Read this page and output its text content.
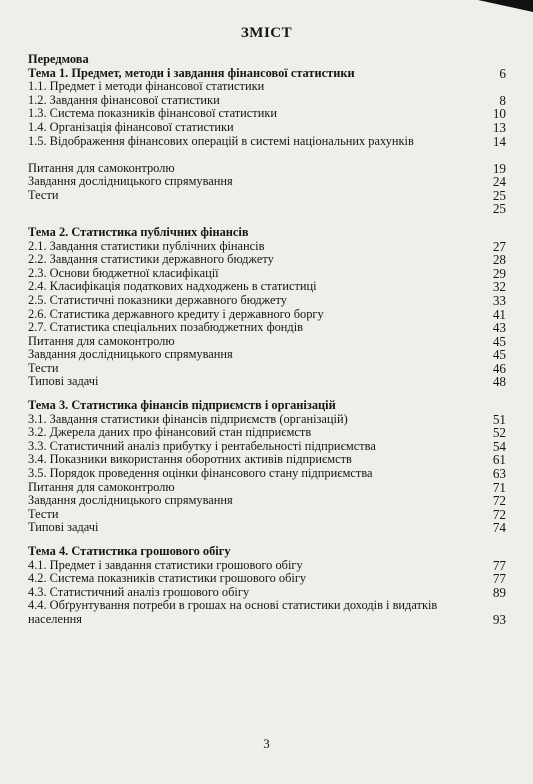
ЗМІСТ
Передмова
Тема 1. Предмет, методи і завдання фінансової статистики	6
1.1. Предмет і методи фінансової статистики
1.2. Завдання фінансової статистики	8
1.3. Система показників фінансової статистики	10
1.4. Організація фінансової статистики	13
1.5. Відображення фінансових операцій в системі національних рахунків	14
Питання для самоконтролю	19
Завдання дослідницького спрямування	24
Тести	25
25
Тема 2. Статистика публічних фінансів
2.1. Завдання статистики публічних фінансів	27
2.2. Завдання статистики державного бюджету	28
2.3. Основи бюджетної класифікації	29
2.4. Класифікація податкових надходжень в статистиці	32
2.5. Статистичні показники державного бюджету	33
2.6. Статистика державного кредиту і державного боргу	41
2.7. Статистика спеціальних позабюджетних фондів	43
Питання для самоконтролю	45
Завдання дослідницького спрямування	45
Тести	46
Типові задачі	48
Тема 3. Статистика фінансів підприємств і організацій
3.1. Завдання статистики фінансів підприємств (організацій)	51
3.2. Джерела даних про фінансовий стан підприємств	52
3.3. Статистичний аналіз прибутку і рентабельності підприємства	54
3.4. Показники використання оборотних активів підприємств	61
3.5. Порядок проведення оцінки фінансового стану підприємства	63
Питання для самоконтролю	71
Завдання дослідницького спрямування	72
Тести	72
Типові задачі	74
Тема 4. Статистика грошового обігу
4.1. Предмет і завдання статистики грошового обігу	77
4.2. Система показників статистики грошового обігу	77
4.3. Статистичний аналіз грошового обігу	89
4.4. Обґрунтування потреби в грошах на основі статистики доходів і видатків населення	93
3
